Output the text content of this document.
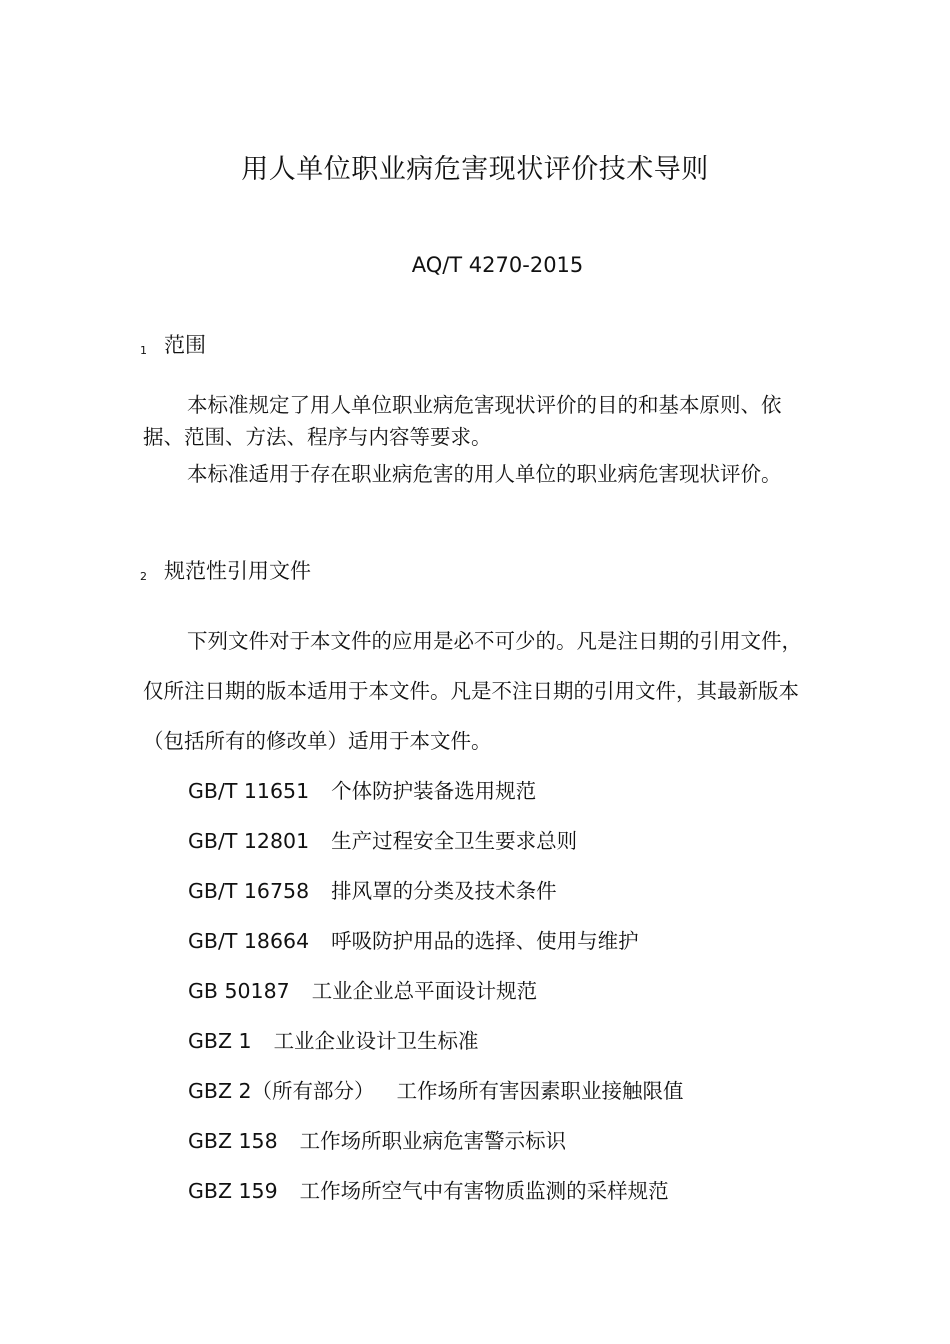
用人单位职业病危害现状评价技术导则
AQ/T 4270-2015
1 范围
本标准规定了用人单位职业病危害现状评价的目的和基本原则、依据、范围、方法、程序与内容等要求。
本标准适用于存在职业病危害的用人单位的职业病危害现状评价。
2 规范性引用文件
下列文件对于本文件的应用是必不可少的。凡是注日期的引用文件，仅所注日期的版本适用于本文件。凡是不注日期的引用文件，其最新版本（包括所有的修改单）适用于本文件。
GB/T 11651 个体防护装备选用规范
GB/T 12801 生产过程安全卫生要求总则
GB/T 16758 排风罩的分类及技术条件
GB/T 18664 呼吸防护用品的选择、使用与维护
GB 50187 工业企业总平面设计规范
GBZ 1 工业企业设计卫生标准
GBZ 2（所有部分） 工作场所有害因素职业接触限值
GBZ 158 工作场所职业病危害警示标识
GBZ 159 工作场所空气中有害物质监测的采样规范
